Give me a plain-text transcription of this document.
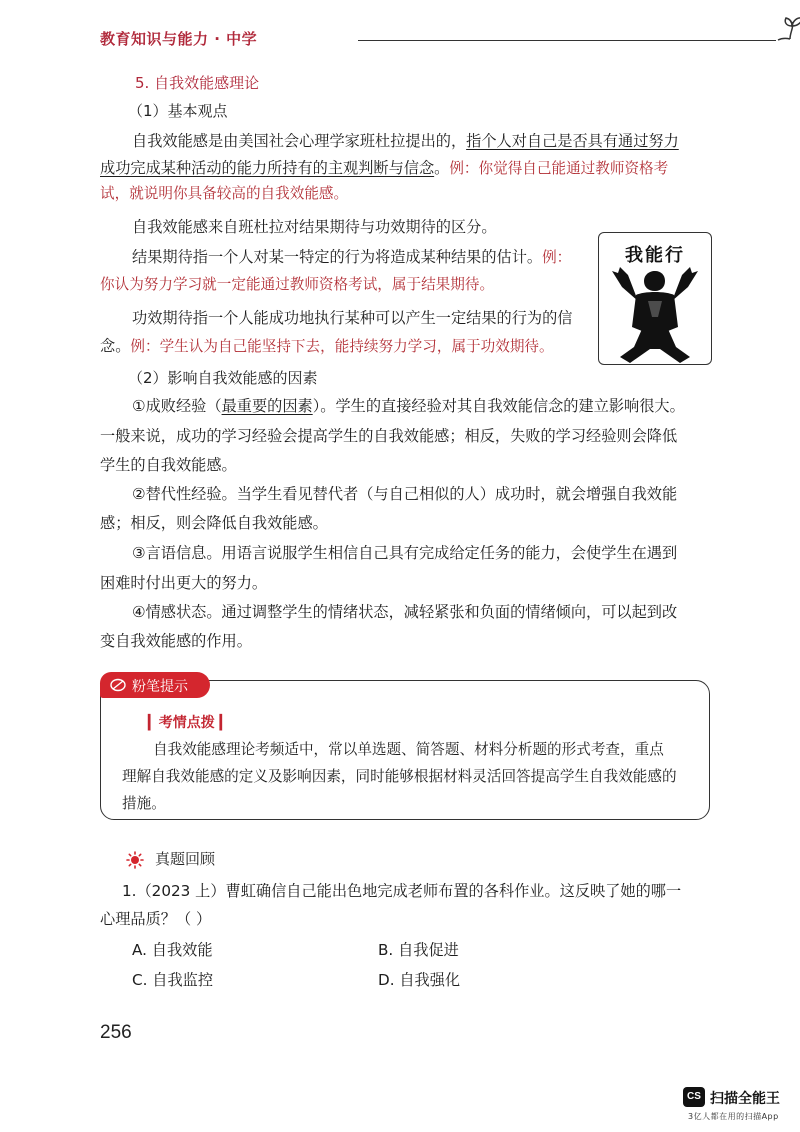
教育知识与能力 · 中学
5. 自我效能感理论
（1）基本观点
自我效能感是由美国社会心理学家班杜拉提出的，指个人对自己是否具有通过努力
成功完成某种活动的能力所持有的主观判断与信念。例：你觉得自己能通过教师资格考
试，就说明你具备较高的自我效能感。
自我效能感来自班杜拉对结果期待与功效期待的区分。
结果期待指一个人对某一特定的行为将造成某种结果的估计。例：
你认为努力学习就一定能通过教师资格考试，属于结果期待。
功效期待指一个人能成功地执行某种可以产生一定结果的行为的信
念。例：学生认为自己能坚持下去，能持续努力学习，属于功效期待。
我能行
（2）影响自我效能感的因素
①成败经验（最重要的因素）。学生的直接经验对其自我效能信念的建立影响很大。
一般来说，成功的学习经验会提高学生的自我效能感；相反，失败的学习经验则会降低
学生的自我效能感。
②替代性经验。当学生看见替代者（与自己相似的人）成功时，就会增强自我效能
感；相反，则会降低自我效能感。
③言语信息。用语言说服学生相信自己具有完成给定任务的能力，会使学生在遇到
困难时付出更大的努力。
④情感状态。通过调整学生的情绪状态，减轻紧张和负面的情绪倾向，可以起到改
变自我效能感的作用。
粉笔提示
▎考情点拨 ▎
自我效能感理论考频适中，常以单选题、简答题、材料分析题的形式考查，重点
理解自我效能感的定义及影响因素，同时能够根据材料灵活回答提高学生自我效能感的
措施。
真题回顾
1.（2023 上）曹虹确信自己能出色地完成老师布置的各科作业。这反映了她的哪一
心理品质？（ ）
A. 自我效能	B. 自我促进
C. 自我监控	D. 自我强化
256
CS 扫描全能王
3亿人都在用的扫描App
